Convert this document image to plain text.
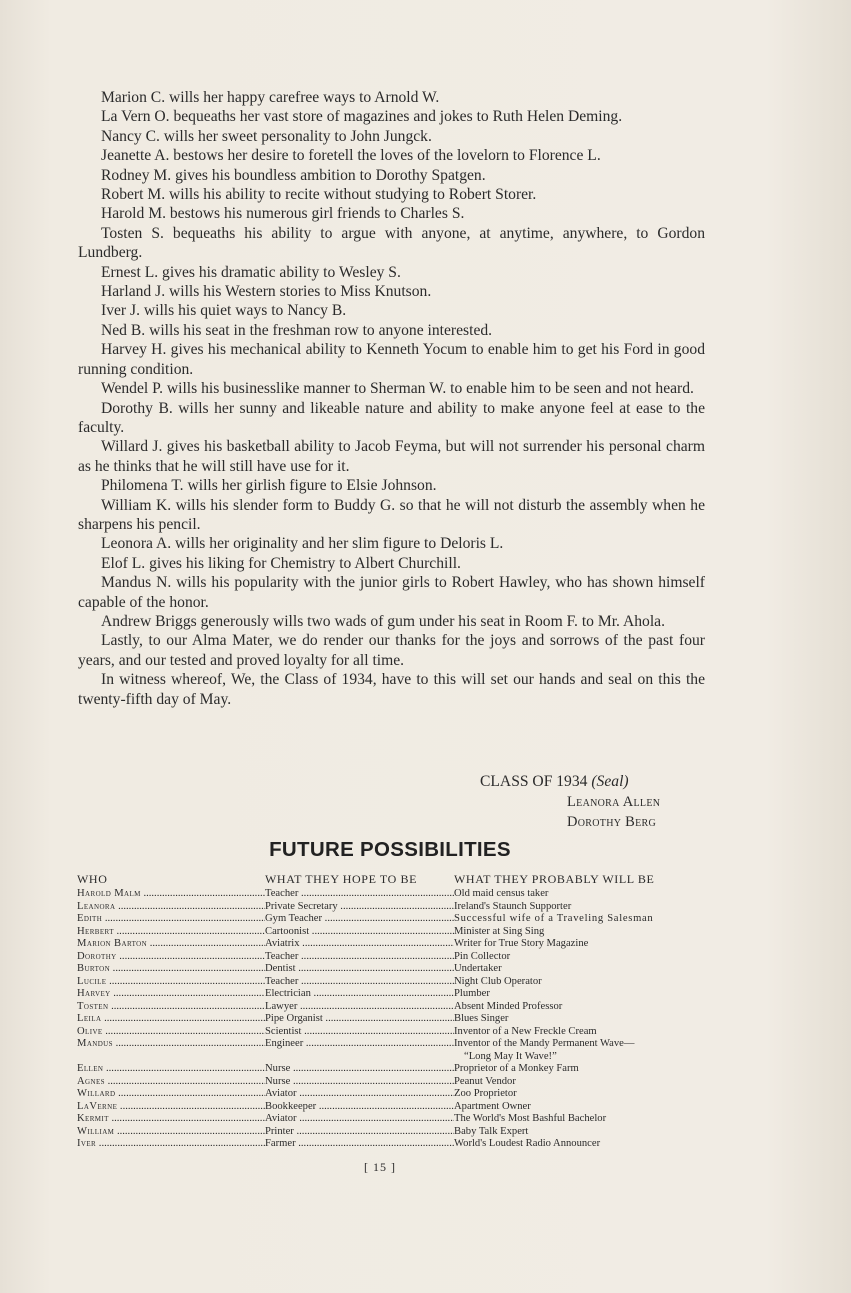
Marion C. wills her happy carefree ways to Arnold W.

La Vern O. bequeaths her vast store of magazines and jokes to Ruth Helen Deming.

Nancy C. wills her sweet personality to John Jungck.

Jeanette A. bestows her desire to foretell the loves of the lovelorn to Florence L.

Rodney M. gives his boundless ambition to Dorothy Spatgen.

Robert M. wills his ability to recite without studying to Robert Storer.

Harold M. bestows his numerous girl friends to Charles S.

Tosten S. bequeaths his ability to argue with anyone, at anytime, anywhere, to Gordon Lundberg.

Ernest L. gives his dramatic ability to Wesley S.

Harland J. wills his Western stories to Miss Knutson.

Iver J. wills his quiet ways to Nancy B.

Ned B. wills his seat in the freshman row to anyone interested.

Harvey H. gives his mechanical ability to Kenneth Yocum to enable him to get his Ford in good running condition.

Wendel P. wills his businesslike manner to Sherman W. to enable him to be seen and not heard.

Dorothy B. wills her sunny and likeable nature and ability to make anyone feel at ease to the faculty.

Willard J. gives his basketball ability to Jacob Feyma, but will not surrender his personal charm as he thinks that he will still have use for it.

Philomena T. wills her girlish figure to Elsie Johnson.

William K. wills his slender form to Buddy G. so that he will not disturb the assembly when he sharpens his pencil.

Leonora A. wills her originality and her slim figure to Deloris L.

Elof L. gives his liking for Chemistry to Albert Churchill.

Mandus N. wills his popularity with the junior girls to Robert Hawley, who has shown himself capable of the honor.

Andrew Briggs generously wills two wads of gum under his seat in Room F. to Mr. Ahola.

Lastly, to our Alma Mater, we do render our thanks for the joys and sorrows of the past four years, and our tested and proved loyalty for all time.

In witness whereof, We, the Class of 1934, have to this will set our hands and seal on this the twenty-fifth day of May.

CLASS OF 1934 (Seal)
Leanora Allen
Dorothy Berg
FUTURE POSSIBILITIES
WHO	WHAT THEY HOPE TO BE	WHAT THEY PROBABLY WILL BE
Harold Malm .....	Teacher .....	Old maid census taker
Leanora .....	Private Secretary .....	Ireland's Staunch Supporter
Edith .....	Gym Teacher .....	Successful wife of a Traveling Salesman
Herbert .....	Cartoonist .....	Minister at Sing Sing
Marion Barton .....	Aviatrix .....	Writer for True Story Magazine
Dorothy .....	Teacher .....	Pin Collector
Burton .....	Dentist .....	Undertaker
Lucile .....	Teacher .....	Night Club Operator
Harvey .....	Electrician .....	Plumber
Tosten .....	Lawyer .....	Absent Minded Professor
Leila .....	Pipe Organist .....	Blues Singer
Olive .....	Scientist .....	Inventor of a New Freckle Cream
Mandus .....	Engineer .....	Inventor of the Mandy Permanent Wave—
“Long May It Wave!”
Ellen .....	Nurse .....	Proprietor of a Monkey Farm
Agnes .....	Nurse .....	Peanut Vendor
Willard .....	Aviator .....	Zoo Proprietor
LaVerne .....	Bookkeeper .....	Apartment Owner
Kermit .....	Aviator .....	The World's Most Bashful Bachelor
William .....	Printer .....	Baby Talk Expert
Iver .....	Farmer .....	World's Loudest Radio Announcer
[ 15 ]
